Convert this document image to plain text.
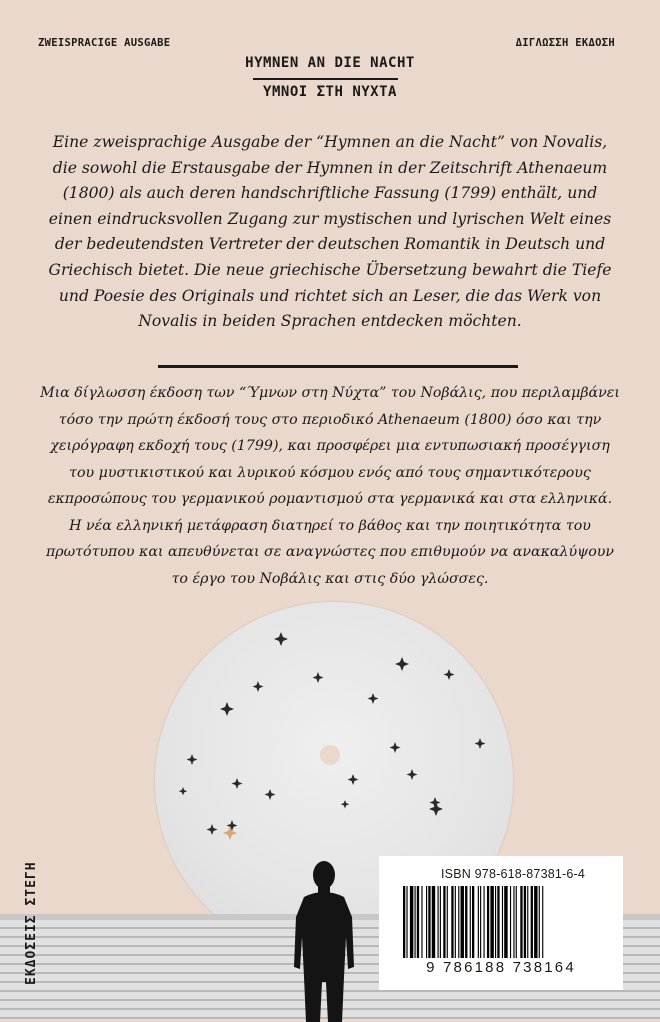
ZWEISPRACIGE AUSGABE	ΔΙΓΛΩΣΣΗ ΕΚΔΟΣΗ
HYMNEN AN DIE NACHT
ΥΜΝΟΙ ΣΤΗ ΝΥΧΤΑ
Eine zweisprachige Ausgabe der “Hymnen an die Nacht” von Novalis, die sowohl die Erstausgabe der Hymnen in der Zeitschrift Athenaeum (1800) als auch deren handschriftliche Fassung (1799) enthält, und einen eindrucksvollen Zugang zur mystischen und lyrischen Welt eines der bedeutendsten Vertreter der deutschen Romantik in Deutsch und Griechisch bietet. Die neue griechische Übersetzung bewahrt die Tiefe und Poesie des Originals und richtet sich an Leser, die das Werk von Novalis in beiden Sprachen entdecken möchten.
Μια δίγλωσση έκδοση των “Ύμνων στη Νύχτα” του Νοβάλις, που περιλαμβάνει τόσο την πρώτη έκδοσή τους στο περιοδικό Athenaeum (1800) όσο και την χειρόγραφη εκδοχή τους (1799), και προσφέρει μια εντυπωσιακή προσέγγιση του μυστικιστικού και λυρικού κόσμου ενός από τους σημαντικότερους εκπροσώπους του γερμανικού ρομαντισμού στα γερμανικά και στα ελληνικά. Η νέα ελληνική μετάφραση διατηρεί το βάθος και την ποιητικότητα του πρωτότυπου και απευθύνεται σε αναγνώστες που επιθυμούν να ανακαλύψουν το έργο του Νοβάλις και στις δύο γλώσσες.
ISBN 978-618-87381-6-4
9 786188 738164
ΕΚΔΟΣΕΙΣ ΣΤΕΓΗ
